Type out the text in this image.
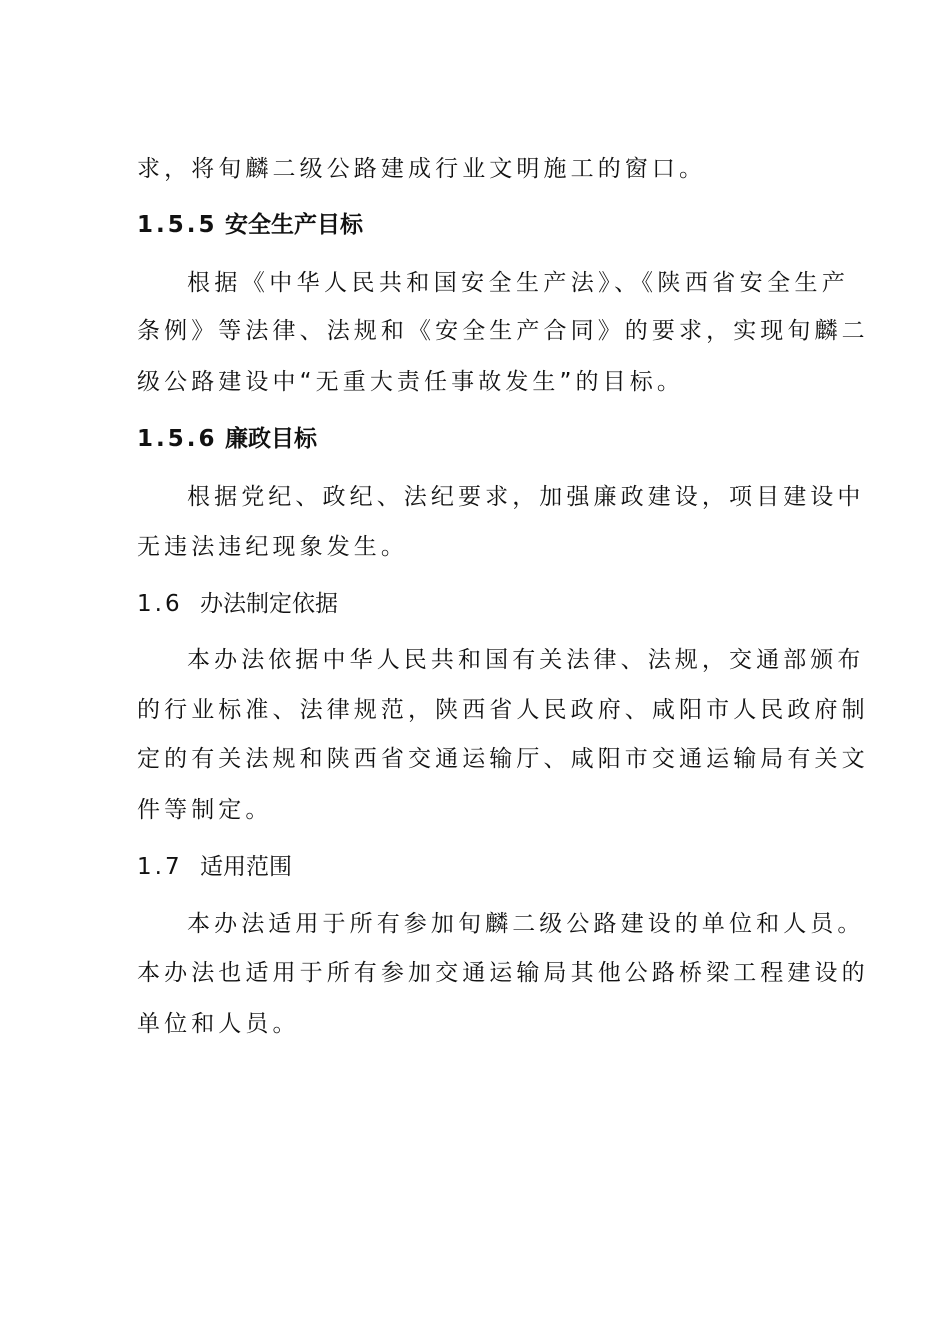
求，将旬麟二级公路建成行业文明施工的窗口。
1.5.5 安全生产目标
根据《中华人民共和国安全生产法》、《陕西省安全生产
条例》等法律、法规和《安全生产合同》的要求，实现旬麟二
级公路建设中“无重大责任事故发生”的目标。
1.5.6 廉政目标
根据党纪、政纪、法纪要求，加强廉政建设，项目建设中
无违法违纪现象发生。
1.6 办法制定依据
本办法依据中华人民共和国有关法律、法规，交通部颁布
的行业标准、法律规范，陕西省人民政府、咸阳市人民政府制
定的有关法规和陕西省交通运输厅、咸阳市交通运输局有关文
件等制定。
1.7 适用范围
本办法适用于所有参加旬麟二级公路建设的单位和人员。
本办法也适用于所有参加交通运输局其他公路桥梁工程建设的
单位和人员。
